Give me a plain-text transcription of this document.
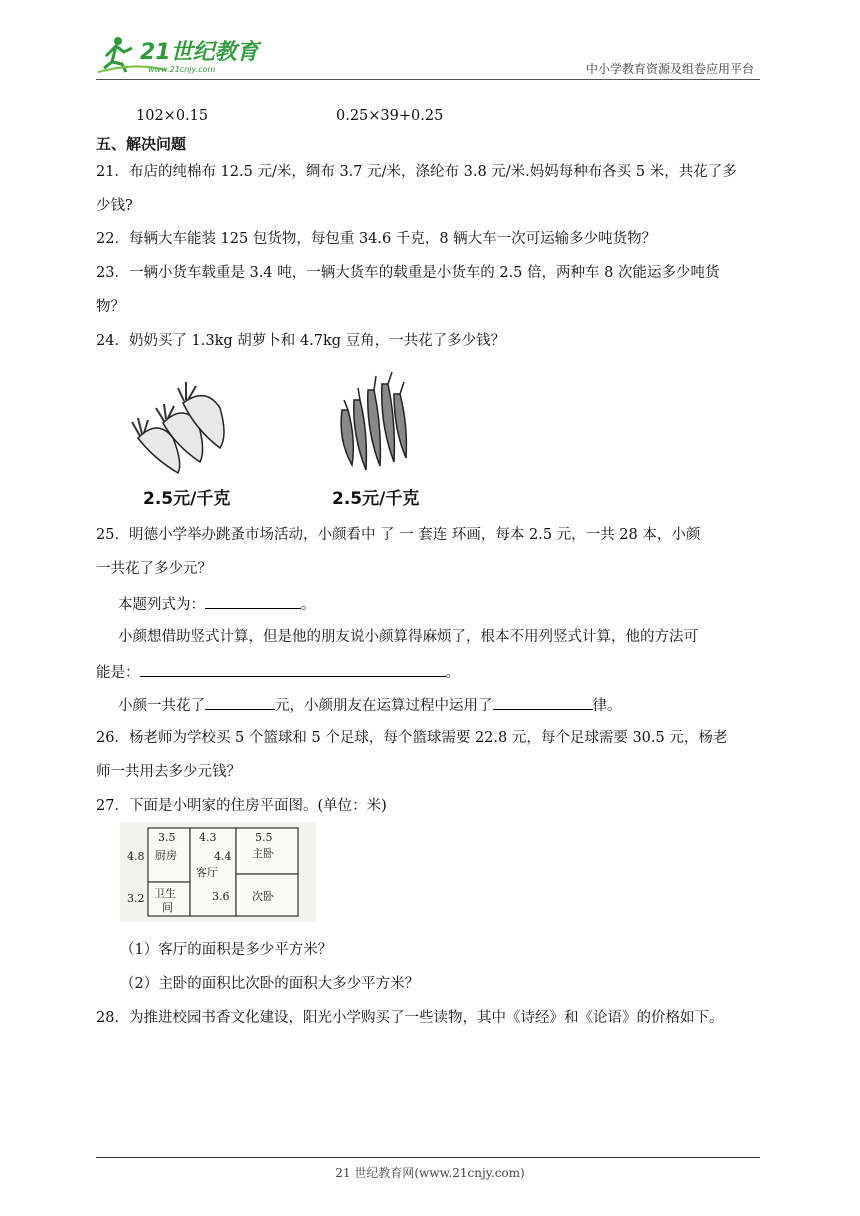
21世纪教育
www.21cnjy.com	中小学教育资源及组卷应用平台
102×0.15	0.25×39+0.25
五、解决问题
21．布店的纯棉布 12.5 元/米，绸布 3.7 元/米，涤纶布 3.8 元/米.妈妈每种布各买 5 米，共花了多
少钱?
22．每辆大车能装 125 包货物，每包重 34.6 千克，8 辆大车一次可运输多少吨货物？
23．一辆小货车载重是 3.4 吨，一辆大货车的载重是小货车的 2.5 倍，两种车 8 次能运多少吨货
物？
24．奶奶买了 1.3kg 胡萝卜和 4.7kg 豆角，一共花了多少钱？
2.5元/千克	2.5元/千克
25．明德小学举办跳蚤市场活动，小颜看中 了 一 套连 环画，每本 2.5 元，一共 28 本，小颜
一共花了多少元？
本题列式为：	。
小颜想借助竖式计算，但是他的朋友说小颜算得麻烦了，根本不用列竖式计算，他的方法可
能是：	。
小颜一共花了	元，小颜朋友在运算过程中运用了	律。
26．杨老师为学校买 5 个篮球和 5 个足球，每个篮球需要 22.8 元，每个足球需要 30.5 元，杨老
师一共用去多少元钱？
27．下面是小明家的住房平面图。(单位：米)
3.5
厨房
4.3	5.5
主卧
4.8	4.4
客厅
3.2 卫生
间
3.6 次卧
（1）客厅的面积是多少平方米？
（2）主卧的面积比次卧的面积大多少平方米？
28．为推进校园书香文化建设，阳光小学购买了一些读物，其中《诗经》和《论语》的价格如下。
21 世纪教育网(www.21cnjy.com)
